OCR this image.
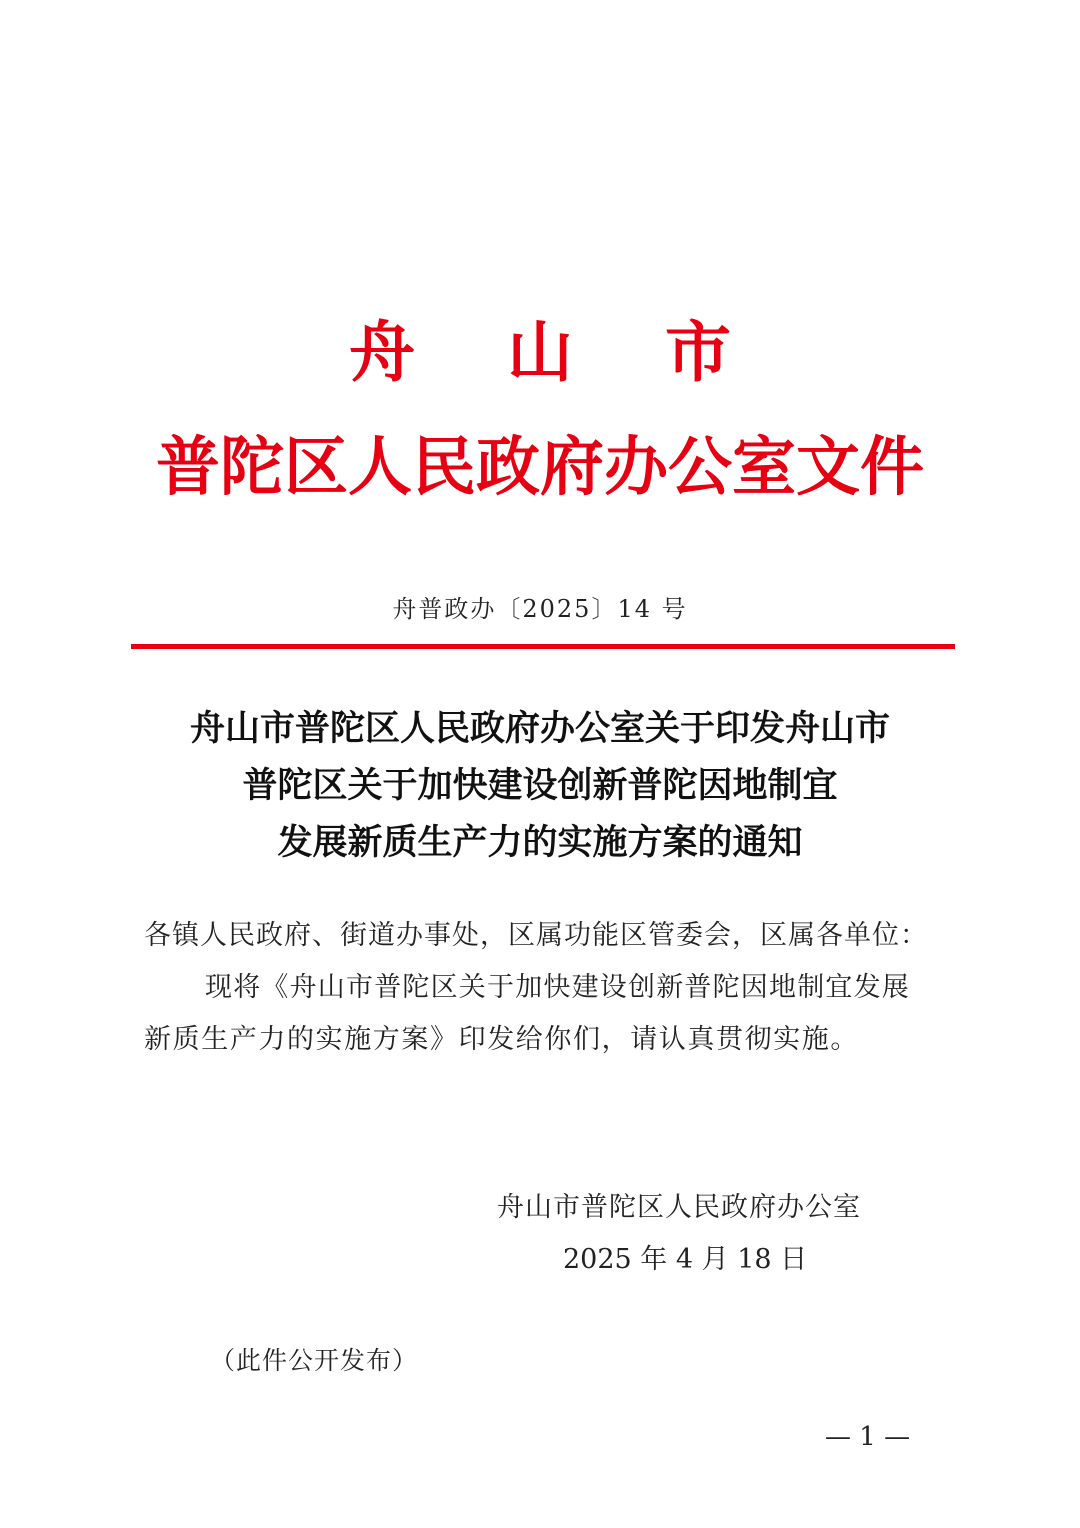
舟山市
普陀区人民政府办公室文件
舟普政办〔2025〕14 号
舟山市普陀区人民政府办公室关于印发舟山市
普陀区关于加快建设创新普陀因地制宜
发展新质生产力的实施方案的通知
各镇人民政府、街道办事处，区属功能区管委会，区属各单位：
现将《舟山市普陀区关于加快建设创新普陀因地制宜发展
新质生产力的实施方案》印发给你们，请认真贯彻实施。
舟山市普陀区人民政府办公室
2025 年 4 月 18 日
（此件公开发布）
— 1 —
